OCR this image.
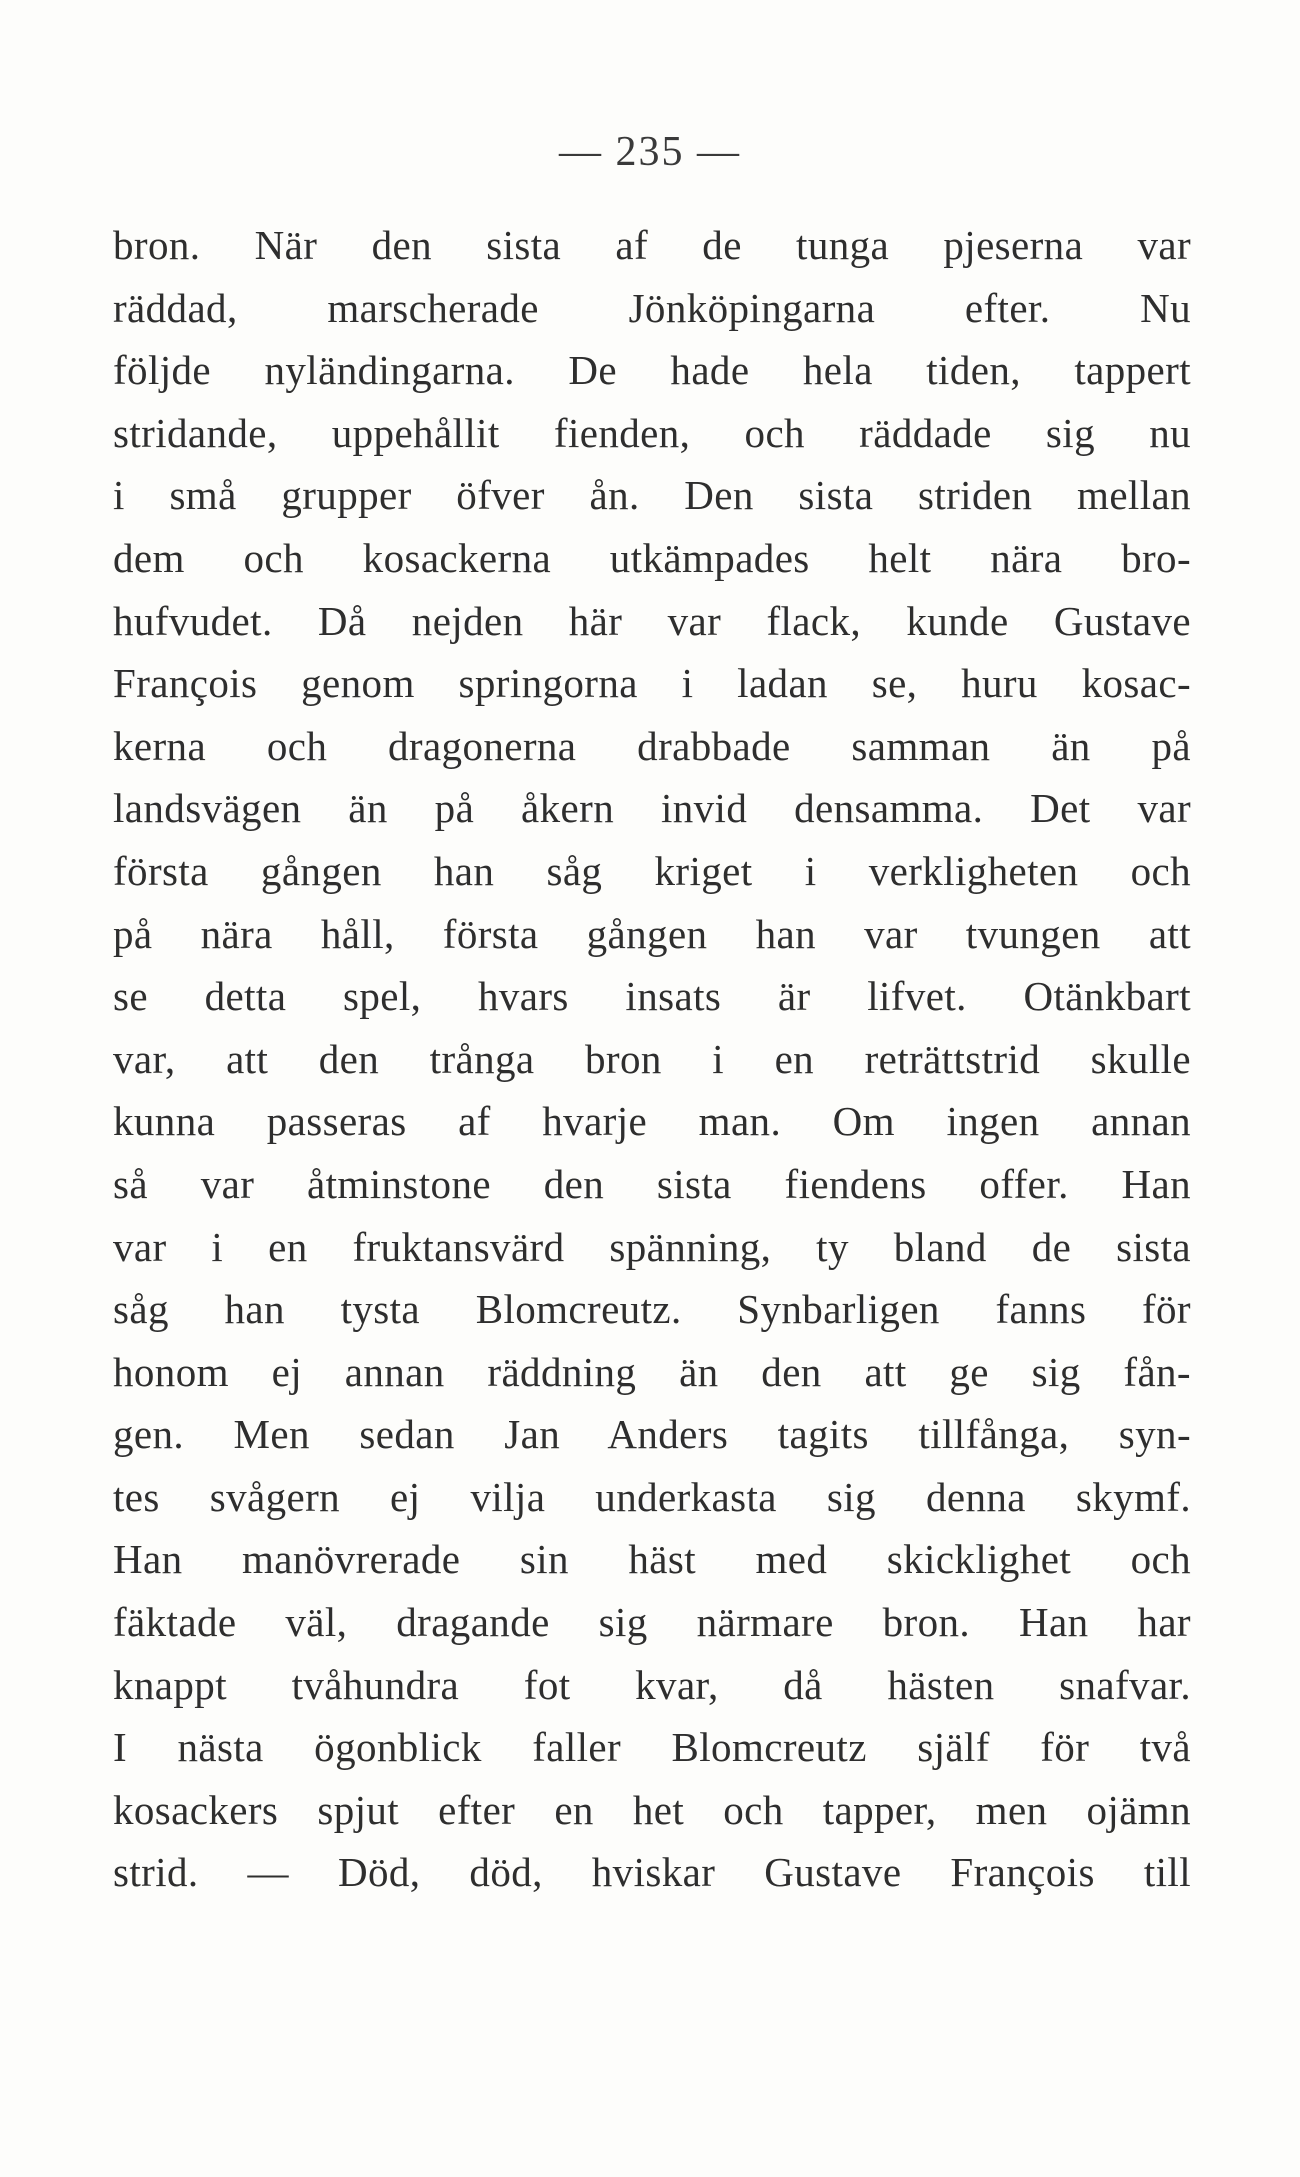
— 235 —
bron. När den sista af de tunga pjeserna var
räddad, marscherade Jönköpingarna efter. Nu
följde nyländingarna. De hade hela tiden, tappert
stridande, uppehållit fienden, och räddade sig nu
i små grupper öfver ån. Den sista striden mellan
dem och kosackerna utkämpades helt nära bro-
hufvudet. Då nejden här var flack, kunde Gustave
François genom springorna i ladan se, huru kosac-
kerna och dragonerna drabbade samman än på
landsvägen än på åkern invid densamma. Det var
första gången han såg kriget i verkligheten och
på nära håll, första gången han var tvungen att
se detta spel, hvars insats är lifvet. Otänkbart
var, att den trånga bron i en reträttstrid skulle
kunna passeras af hvarje man. Om ingen annan
så var åtminstone den sista fiendens offer. Han
var i en fruktansvärd spänning, ty bland de sista
såg han tysta Blomcreutz. Synbarligen fanns för
honom ej annan räddning än den att ge sig fån-
gen. Men sedan Jan Anders tagits tillfånga, syn-
tes svågern ej vilja underkasta sig denna skymf.
Han manövrerade sin häst med skicklighet och
fäktade väl, dragande sig närmare bron. Han har
knappt tvåhundra fot kvar, då hästen snafvar.
I nästa ögonblick faller Blomcreutz själf för två
kosackers spjut efter en het och tapper, men ojämn
strid. — Död, död, hviskar Gustave François till
